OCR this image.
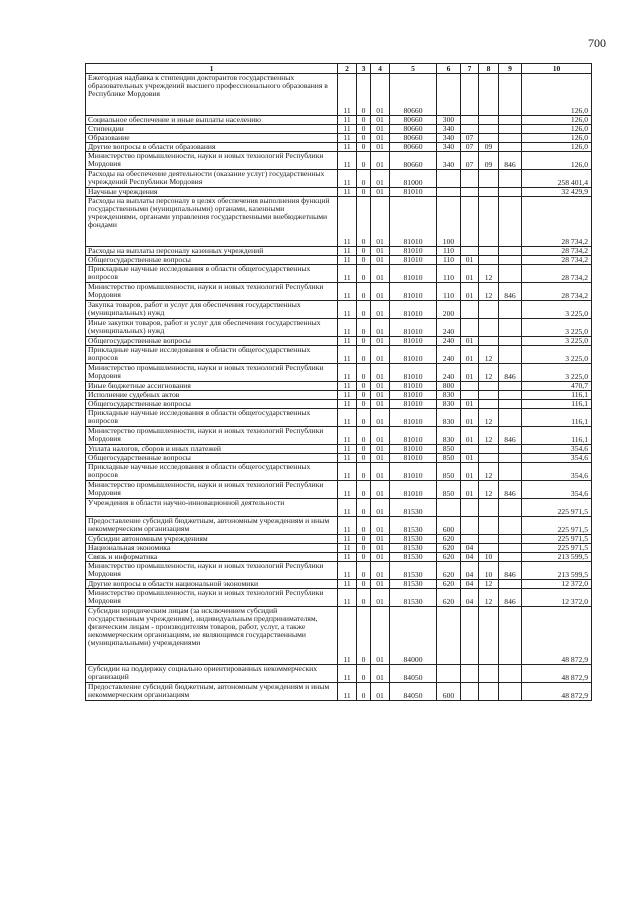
700
1	2	3	4	5	6	7	8	9	10
Ежегодная надбавка к стипендии докторантов государственных образовательных учреждений высшего профессионального образования в Республике Мордовия	11	0	01	80660					126,0
Социальное обеспечение и иные выплаты населению	11	0	01	80660	300				126,0
Стипендии	11	0	01	80660	340				126,0
Образование	11	0	01	80660	340	07			126,0
Другие вопросы в области образования	11	0	01	80660	340	07	09		126,0
Министерство промышленности, науки и новых технологий Республики Мордовия	11	0	01	80660	340	07	09	846	126,0
Расходы на обеспечение деятельности (оказание услуг) государственных учреждений Республики Мордовия	11	0	01	81000					258 401,4
Научные учреждения	11	0	01	81010					32 429,9
Расходы на выплаты персоналу в целях обеспечения выполнения функций государственными (муниципальными) органами, казенными учреждениями, органами управления государственными внебюджетными фондами	11	0	01	81010	100				28 734,2
Расходы на выплаты персоналу казенных учреждений	11	0	01	81010	110				28 734,2
Общегосударственные вопросы	11	0	01	81010	110	01			28 734,2
Прикладные научные исследования в области общегосударственных вопросов	11	0	01	81010	110	01	12		28 734,2
Министерство промышленности, науки и новых технологий Республики Мордовия	11	0	01	81010	110	01	12	846	28 734,2
Закупка товаров, работ и услуг для обеспечения государственных (муниципальных) нужд	11	0	01	81010	200				3 225,0
Иные закупки товаров, работ и услуг для обеспечения государственных (муниципальных) нужд	11	0	01	81010	240				3 225,0
Общегосударственные вопросы	11	0	01	81010	240	01			3 225,0
Прикладные научные исследования в области общегосударственных вопросов	11	0	01	81010	240	01	12		3 225,0
Министерство промышленности, науки и новых технологий Республики Мордовия	11	0	01	81010	240	01	12	846	3 225,0
Иные бюджетные ассигнования	11	0	01	81010	800				470,7
Исполнение судебных актов	11	0	01	81010	830				116,1
Общегосударственные вопросы	11	0	01	81010	830	01			116,1
Прикладные научные исследования в области общегосударственных вопросов	11	0	01	81010	830	01	12		116,1
Министерство промышленности, науки и новых технологий Республики Мордовия	11	0	01	81010	830	01	12	846	116,1
Уплата налогов, сборов и иных платежей	11	0	01	81010	850				354,6
Общегосударственные вопросы	11	0	01	81010	850	01			354,6
Прикладные научные исследования в области общегосударственных вопросов	11	0	01	81010	850	01	12		354,6
Министерство промышленности, науки и новых технологий Республики Мордовия	11	0	01	81010	850	01	12	846	354,6
Учреждения в области научно-инновационной деятельности	11	0	01	81530					225 971,5
Предоставление субсидий бюджетным, автономным учреждениям и иным некоммерческим организациям	11	0	01	81530	600				225 971,5
Субсидии автономным учреждениям	11	0	01	81530	620				225 971,5
Национальная экономика	11	0	01	81530	620	04			225 971,5
Связь и информатика	11	0	01	81530	620	04	10		213 599,5
Министерство промышленности, науки и новых технологий Республики Мордовия	11	0	01	81530	620	04	10	846	213 599,5
Другие вопросы в области национальной экономики	11	0	01	81530	620	04	12		12 372,0
Министерство промышленности, науки и новых технологий Республики Мордовия	11	0	01	81530	620	04	12	846	12 372,0
Субсидии юридическим лицам (за исключением субсидий государственным учреждениям), индивидуальным предпринимателям, физическим лицам - производителям товаров, работ, услуг, а также некоммерческим организациям, не являющимся государственными (муниципальными) учреждениями	11	0	01	84000					48 872,9
Субсидии на поддержку социально ориентированных некоммерческих организаций	11	0	01	84050					48 872,9
Предоставление субсидий бюджетным, автономным учреждениям и иным некоммерческим организациям	11	0	01	84050	600				48 872,9
